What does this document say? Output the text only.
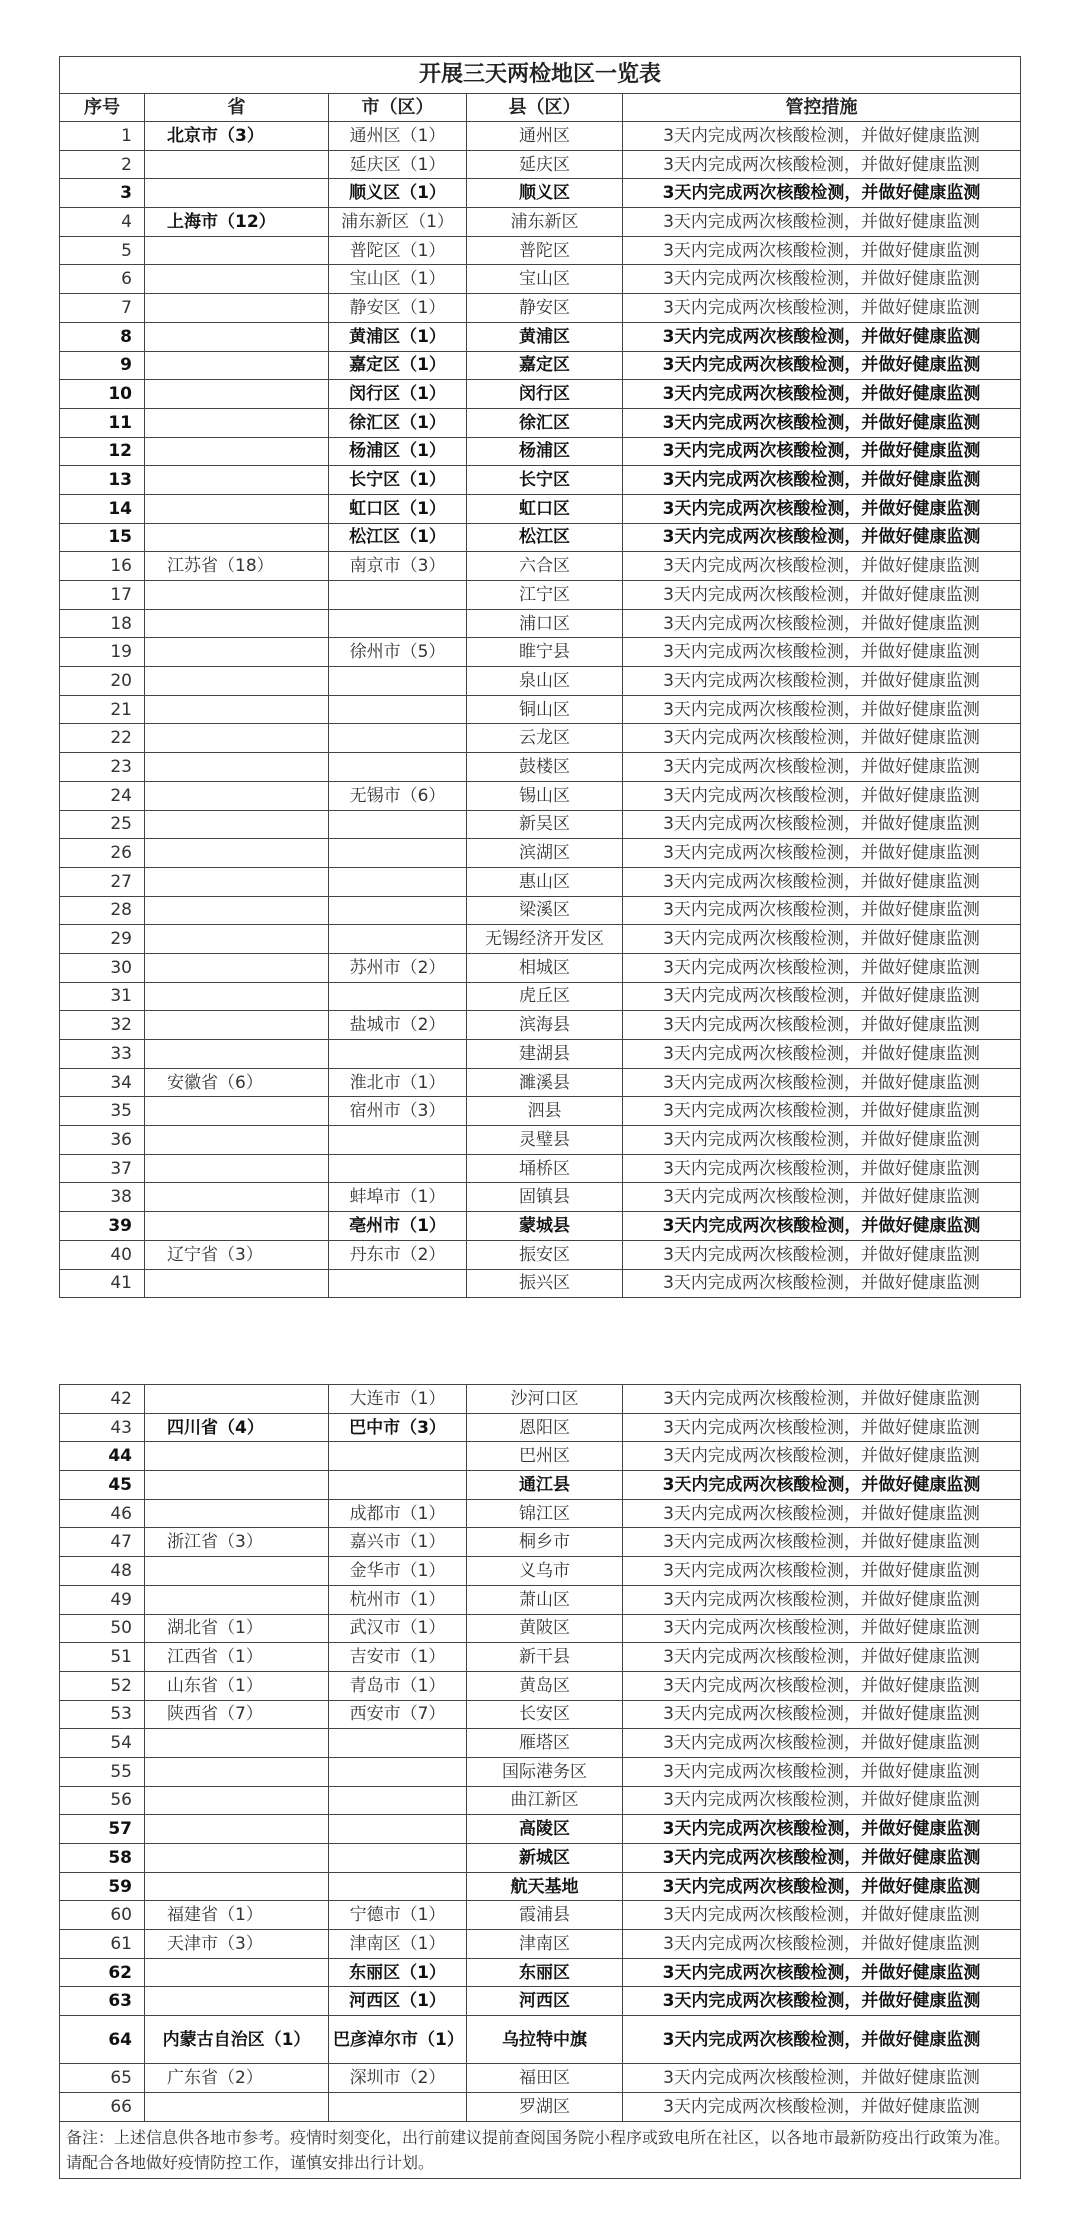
开展三天两检地区一览表				
序号	省	市（区）	县（区）	管控措施
1	北京市（3）	通州区（1）	通州区	3天内完成两次核酸检测，并做好健康监测
2		延庆区（1）	延庆区	3天内完成两次核酸检测，并做好健康监测
3		顺义区（1）	顺义区	3天内完成两次核酸检测，并做好健康监测
4	上海市（12）	浦东新区（1）	浦东新区	3天内完成两次核酸检测，并做好健康监测
5		普陀区（1）	普陀区	3天内完成两次核酸检测，并做好健康监测
6		宝山区（1）	宝山区	3天内完成两次核酸检测，并做好健康监测
7		静安区（1）	静安区	3天内完成两次核酸检测，并做好健康监测
8		黄浦区（1）	黄浦区	3天内完成两次核酸检测，并做好健康监测
9		嘉定区（1）	嘉定区	3天内完成两次核酸检测，并做好健康监测
10		闵行区（1）	闵行区	3天内完成两次核酸检测，并做好健康监测
11		徐汇区（1）	徐汇区	3天内完成两次核酸检测，并做好健康监测
12		杨浦区（1）	杨浦区	3天内完成两次核酸检测，并做好健康监测
13		长宁区（1）	长宁区	3天内完成两次核酸检测，并做好健康监测
14		虹口区（1）	虹口区	3天内完成两次核酸检测，并做好健康监测
15		松江区（1）	松江区	3天内完成两次核酸检测，并做好健康监测
16	江苏省（18）	南京市（3）	六合区	3天内完成两次核酸检测，并做好健康监测
17			江宁区	3天内完成两次核酸检测，并做好健康监测
18			浦口区	3天内完成两次核酸检测，并做好健康监测
19		徐州市（5）	睢宁县	3天内完成两次核酸检测，并做好健康监测
20			泉山区	3天内完成两次核酸检测，并做好健康监测
21			铜山区	3天内完成两次核酸检测，并做好健康监测
22			云龙区	3天内完成两次核酸检测，并做好健康监测
23			鼓楼区	3天内完成两次核酸检测，并做好健康监测
24		无锡市（6）	锡山区	3天内完成两次核酸检测，并做好健康监测
25			新吴区	3天内完成两次核酸检测，并做好健康监测
26			滨湖区	3天内完成两次核酸检测，并做好健康监测
27			惠山区	3天内完成两次核酸检测，并做好健康监测
28			梁溪区	3天内完成两次核酸检测，并做好健康监测
29			无锡经济开发区	3天内完成两次核酸检测，并做好健康监测
30		苏州市（2）	相城区	3天内完成两次核酸检测，并做好健康监测
31			虎丘区	3天内完成两次核酸检测，并做好健康监测
32		盐城市（2）	滨海县	3天内完成两次核酸检测，并做好健康监测
33			建湖县	3天内完成两次核酸检测，并做好健康监测
34	安徽省（6）	淮北市（1）	濉溪县	3天内完成两次核酸检测，并做好健康监测
35		宿州市（3）	泗县	3天内完成两次核酸检测，并做好健康监测
36			灵璧县	3天内完成两次核酸检测，并做好健康监测
37			埇桥区	3天内完成两次核酸检测，并做好健康监测
38		蚌埠市（1）	固镇县	3天内完成两次核酸检测，并做好健康监测
39		亳州市（1）	蒙城县	3天内完成两次核酸检测，并做好健康监测
40	辽宁省（3）	丹东市（2）	振安区	3天内完成两次核酸检测，并做好健康监测
41			振兴区	3天内完成两次核酸检测，并做好健康监测
42		大连市（1）	沙河口区	3天内完成两次核酸检测，并做好健康监测
43	四川省（4）	巴中市（3）	恩阳区	3天内完成两次核酸检测，并做好健康监测
44			巴州区	3天内完成两次核酸检测，并做好健康监测
45			通江县	3天内完成两次核酸检测，并做好健康监测
46		成都市（1）	锦江区	3天内完成两次核酸检测，并做好健康监测
47	浙江省（3）	嘉兴市（1）	桐乡市	3天内完成两次核酸检测，并做好健康监测
48		金华市（1）	义乌市	3天内完成两次核酸检测，并做好健康监测
49		杭州市（1）	萧山区	3天内完成两次核酸检测，并做好健康监测
50	湖北省（1）	武汉市（1）	黄陂区	3天内完成两次核酸检测，并做好健康监测
51	江西省（1）	吉安市（1）	新干县	3天内完成两次核酸检测，并做好健康监测
52	山东省（1）	青岛市（1）	黄岛区	3天内完成两次核酸检测，并做好健康监测
53	陕西省（7）	西安市（7）	长安区	3天内完成两次核酸检测，并做好健康监测
54			雁塔区	3天内完成两次核酸检测，并做好健康监测
55			国际港务区	3天内完成两次核酸检测，并做好健康监测
56			曲江新区	3天内完成两次核酸检测，并做好健康监测
57			高陵区	3天内完成两次核酸检测，并做好健康监测
58			新城区	3天内完成两次核酸检测，并做好健康监测
59			航天基地	3天内完成两次核酸检测，并做好健康监测
60	福建省（1）	宁德市（1）	霞浦县	3天内完成两次核酸检测，并做好健康监测
61	天津市（3）	津南区（1）	津南区	3天内完成两次核酸检测，并做好健康监测
62		东丽区（1）	东丽区	3天内完成两次核酸检测，并做好健康监测
63		河西区（1）	河西区	3天内完成两次核酸检测，并做好健康监测
64	内蒙古自治区（1）	巴彦淖尔市（1）	乌拉特中旗	3天内完成两次核酸检测，并做好健康监测
65	广东省（2）	深圳市（2）	福田区	3天内完成两次核酸检测，并做好健康监测
66			罗湖区	3天内完成两次核酸检测，并做好健康监测
备注：上述信息供各地市参考。疫情时刻变化，出行前建议提前查阅国务院小程序或致电所在社区，以各地市最新防疫出行政策为准。请配合各地做好疫情防控工作，谨慎安排出行计划。				
